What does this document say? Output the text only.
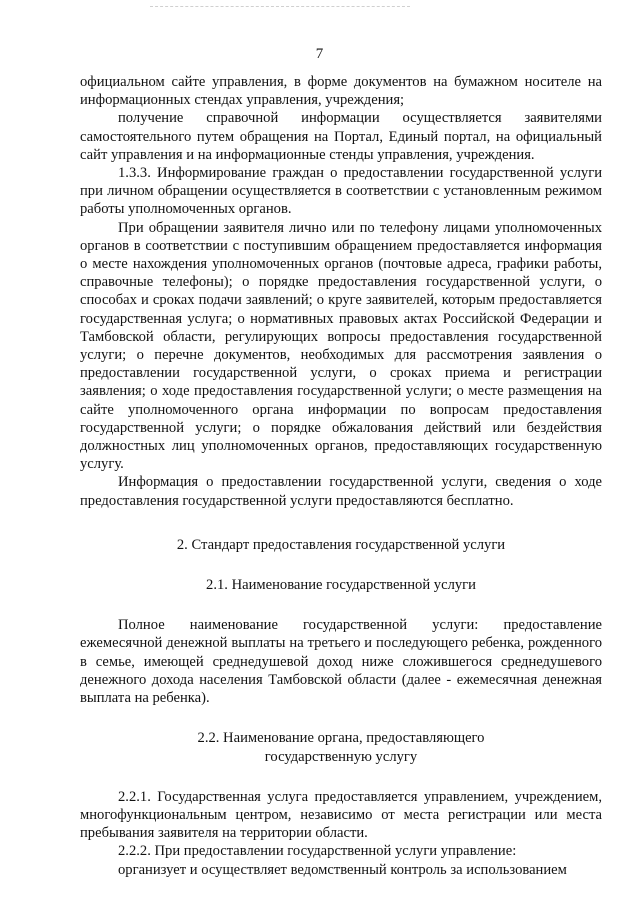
7

официальном сайте управления, в форме документов на бумажном носителе на информационных стендах управления, учреждения;

получение справочной информации осуществляется заявителями самостоятельного путем обращения на Портал, Единый портал, на официальный сайт управления и на информационные стенды управления, учреждения.

1.3.3. Информирование граждан о предоставлении государственной услуги при личном обращении осуществляется в соответствии с установленным режимом работы уполномоченных органов.

При обращении заявителя лично или по телефону лицами уполномоченных органов в соответствии с поступившим обращением предоставляется информация о месте нахождения уполномоченных органов (почтовые адреса, графики работы, справочные телефоны); о порядке предоставления государственной услуги, о способах и сроках подачи заявлений; о круге заявителей, которым предоставляется государственная услуга; о нормативных правовых актах Российской Федерации и Тамбовской области, регулирующих вопросы предоставления государственной услуги; о перечне документов, необходимых для рассмотрения заявления о предоставлении государственной услуги, о сроках приема и регистрации заявления; о ходе предоставления государственной услуги; о месте размещения на сайте уполномоченного органа информации по вопросам предоставления государственной услуги; о порядке обжалования действий или бездействия должностных лиц уполномоченных органов, предоставляющих государственную услугу.

Информация о предоставлении государственной услуги, сведения о ходе предоставления государственной услуги предоставляются бесплатно.

2. Стандарт предоставления государственной услуги

2.1. Наименование государственной услуги

Полное наименование государственной услуги: предоставление ежемесячной денежной выплаты на третьего и последующего ребенка, рожденного в семье, имеющей среднедушевой доход ниже сложившегося среднедушевого денежного дохода населения Тамбовской области (далее - ежемесячная денежная выплата на ребенка).

2.2. Наименование органа, предоставляющего

государственную услугу

2.2.1. Государственная услуга предоставляется управлением, учреждением, многофункциональным центром, независимо от места регистрации или места пребывания заявителя на территории области.

2.2.2. При предоставлении государственной услуги управление:

организует и осуществляет ведомственный контроль за использованием
